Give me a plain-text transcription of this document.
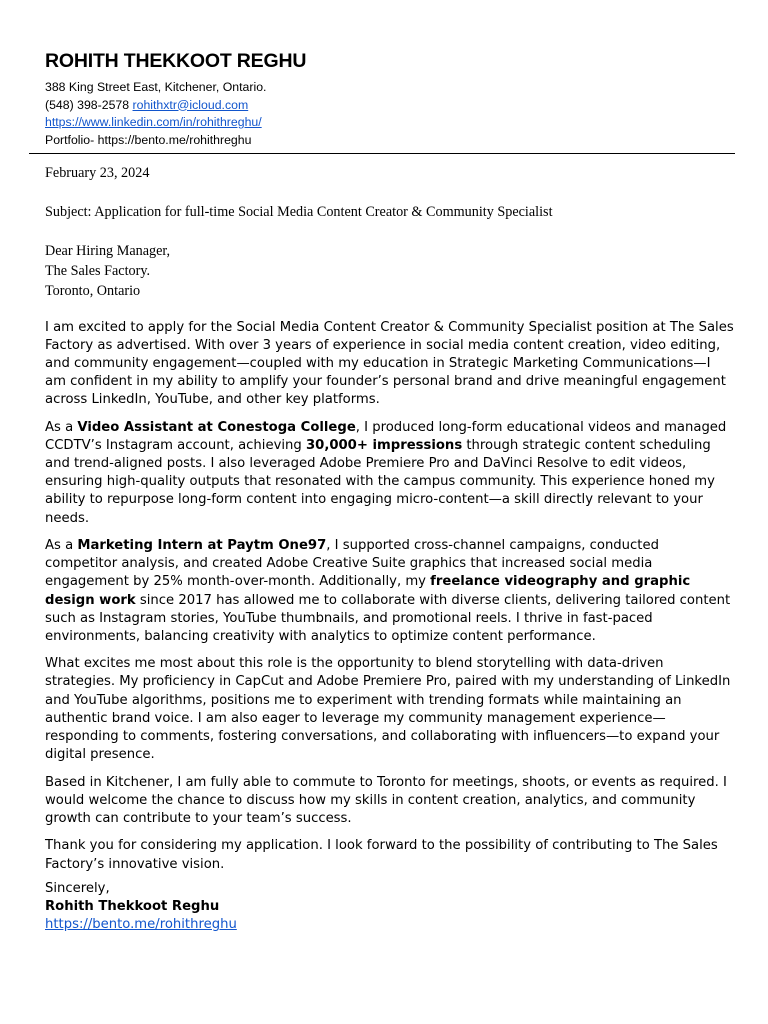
ROHITH THEKKOOT REGHU
388 King Street East, Kitchener, Ontario.
(548) 398-2578 rohithxtr@icloud.com
https://www.linkedin.com/in/rohithreghu/
Portfolio- https://bento.me/rohithreghu
February 23, 2024
Subject: Application for full-time Social Media Content Creator & Community Specialist
Dear Hiring Manager,
The Sales Factory.
Toronto, Ontario

I am excited to apply for the Social Media Content Creator & Community Specialist position at The Sales Factory as advertised. With over 3 years of experience in social media content creation, video editing, and community engagement—coupled with my education in Strategic Marketing Communications—I am confident in my ability to amplify your founder’s personal brand and drive meaningful engagement across LinkedIn, YouTube, and other key platforms.

As a Video Assistant at Conestoga College, I produced long-form educational videos and managed CCDTV’s Instagram account, achieving 30,000+ impressions through strategic content scheduling and trend-aligned posts. I also leveraged Adobe Premiere Pro and DaVinci Resolve to edit videos, ensuring high-quality outputs that resonated with the campus community. This experience honed my ability to repurpose long-form content into engaging micro-content—a skill directly relevant to your needs.

As a Marketing Intern at Paytm One97, I supported cross-channel campaigns, conducted competitor analysis, and created Adobe Creative Suite graphics that increased social media engagement by 25% month-over-month. Additionally, my freelance videography and graphic design work since 2017 has allowed me to collaborate with diverse clients, delivering tailored content such as Instagram stories, YouTube thumbnails, and promotional reels. I thrive in fast-paced environments, balancing creativity with analytics to optimize content performance.

What excites me most about this role is the opportunity to blend storytelling with data-driven strategies. My proficiency in CapCut and Adobe Premiere Pro, paired with my understanding of LinkedIn and YouTube algorithms, positions me to experiment with trending formats while maintaining an authentic brand voice. I am also eager to leverage my community management experience—responding to comments, fostering conversations, and collaborating with influencers—to expand your digital presence.

Based in Kitchener, I am fully able to commute to Toronto for meetings, shoots, or events as required. I would welcome the chance to discuss how my skills in content creation, analytics, and community growth can contribute to your team’s success.

Thank you for considering my application. I look forward to the possibility of contributing to The Sales Factory’s innovative vision.

Sincerely,
Rohith Thekkoot Reghu
https://bento.me/rohithreghu
